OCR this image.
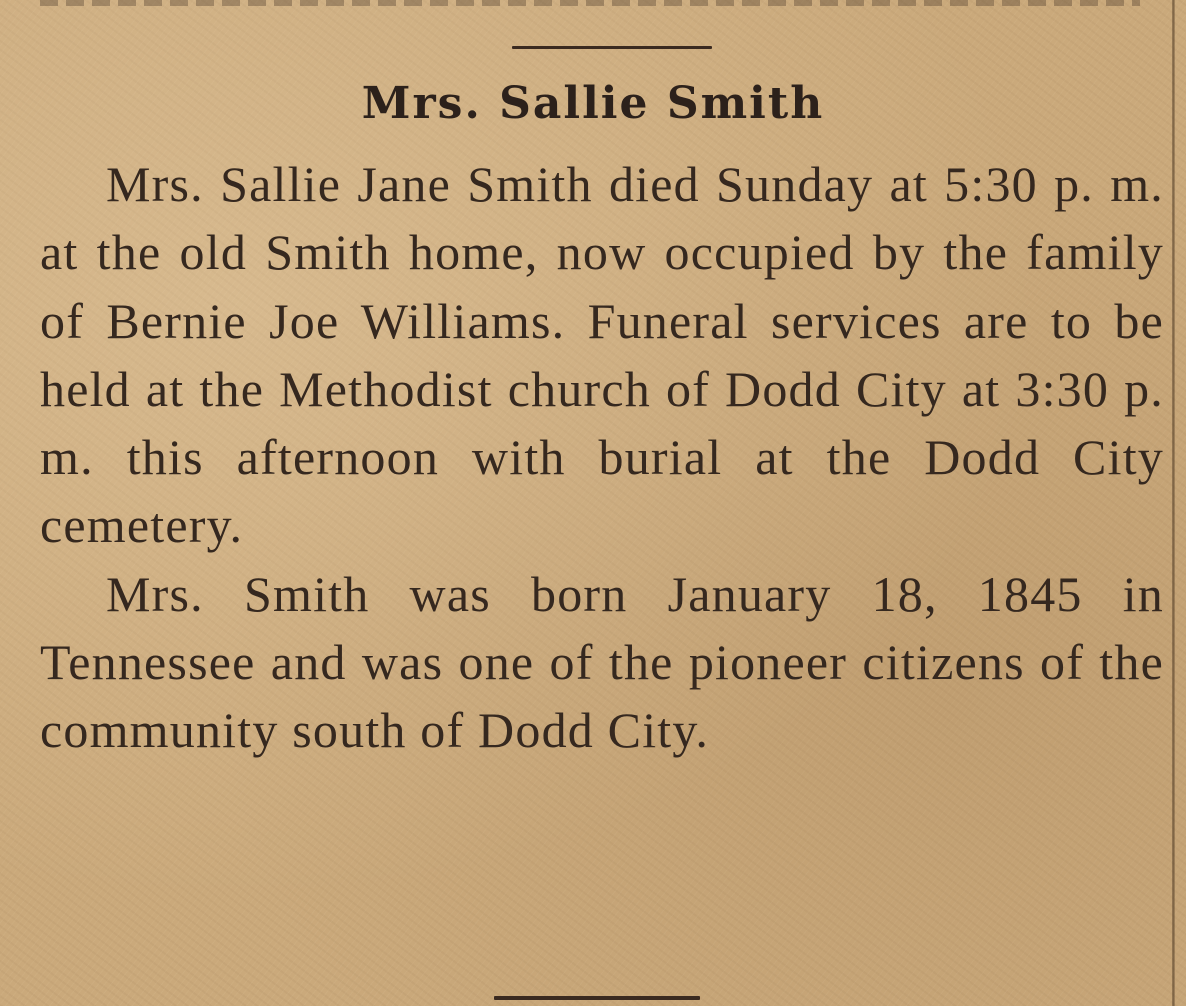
Mrs. Sallie Smith

Mrs. Sallie Jane Smith died Sunday at 5:30 p. m. at the old Smith home, now occupied by the family of Bernie Joe Williams. Funeral services are to be held at the Methodist church of Dodd City at 3:30 p. m. this afternoon with burial at the Dodd City cemetery.

Mrs. Smith was born January 18, 1845 in Tennessee and was one of the pioneer citizens of the community south of Dodd City.
